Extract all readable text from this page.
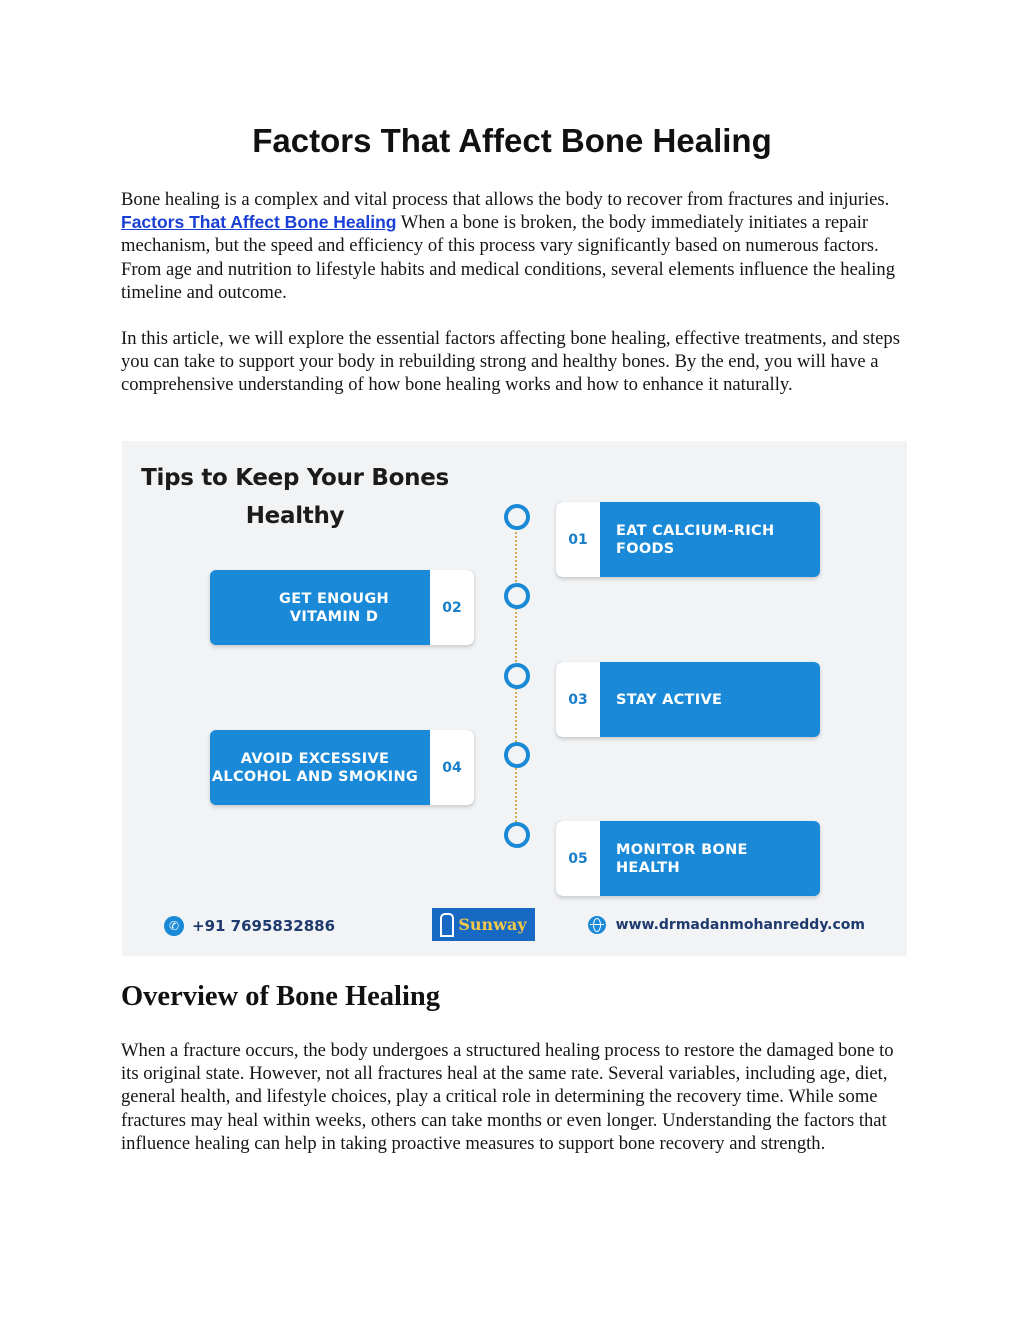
Factors That Affect Bone Healing

Bone healing is a complex and vital process that allows the body to recover from fractures and injuries. Factors That Affect Bone Healing When a bone is broken, the body immediately initiates a repair mechanism, but the speed and efficiency of this process vary significantly based on numerous factors. From age and nutrition to lifestyle habits and medical conditions, several elements influence the healing timeline and outcome.

In this article, we will explore the essential factors affecting bone healing, effective treatments, and steps you can take to support your body in rebuilding strong and healthy bones. By the end, you will have a comprehensive understanding of how bone healing works and how to enhance it naturally.

Tips to Keep Your Bones Healthy
01
EAT CALCIUM-RICH FOODS
GET ENOUGH VITAMIN D
02
03	STAY ACTIVE
AVOID EXCESSIVE ALCOHOL AND SMOKING
04
05
MONITOR BONE HEALTH
✆ +91 7695832886	Sunway	www.drmadanmohanreddy.com
Overview of Bone Healing

When a fracture occurs, the body undergoes a structured healing process to restore the damaged bone to its original state. However, not all fractures heal at the same rate. Several variables, including age, diet, general health, and lifestyle choices, play a critical role in determining the recovery time. While some fractures may heal within weeks, others can take months or even longer. Understanding the factors that influence healing can help in taking proactive measures to support bone recovery and strength.
